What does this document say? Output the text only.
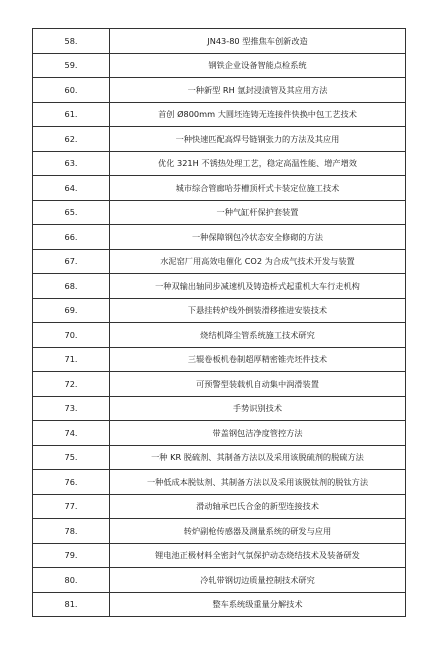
58.	JN43-80 型推焦车创新改造
59.	钢铁企业设备智能点检系统
60.	一种新型 RH 氩封浸渍管及其应用方法
61.	首创 Ø800mm 大圆坯连铸无连接件快换中包工艺技术
62.	一种快速匹配高焊号链钢张力的方法及其应用
63.	优化 321H 不锈热处理工艺，稳定高温性能、增产增效
64.	城市综合管廊哈芬槽顶杆式卡装定位施工技术
65.	一种气缸杆保护套装置
66.	一种保障钢包冷状态安全修砌的方法
67.	水泥窑厂用高效电催化 CO2 为合成气技术开发与装置
68.	一种双输出轴同步减速机及铸造桥式起重机大车行走机构
69.	下悬挂转炉线外倒装滑移推进安装技术
70.	烧结机降尘管系统施工技术研究
71.	三辊卷板机卷制超厚精密锥壳坯件技术
72.	可预警型装载机自动集中润滑装置
73.	手势识别技术
74.	带盖钢包洁净度管控方法
75.	一种 KR 脱硫剂、其制备方法以及采用该脱硫剂的脱硫方法
76.	一种低成本脱钛剂、其制备方法以及采用该脱钛剂的脱钛方法
77.	滑动轴承巴氏合金的新型连接技术
78.	转炉副枪传感器及测量系统的研发与应用
79.	锂电池正极材料全密封气氛保护动态烧结技术及装备研发
80.	冷轧带钢切边质量控制技术研究
81.	整车系统级重量分解技术
